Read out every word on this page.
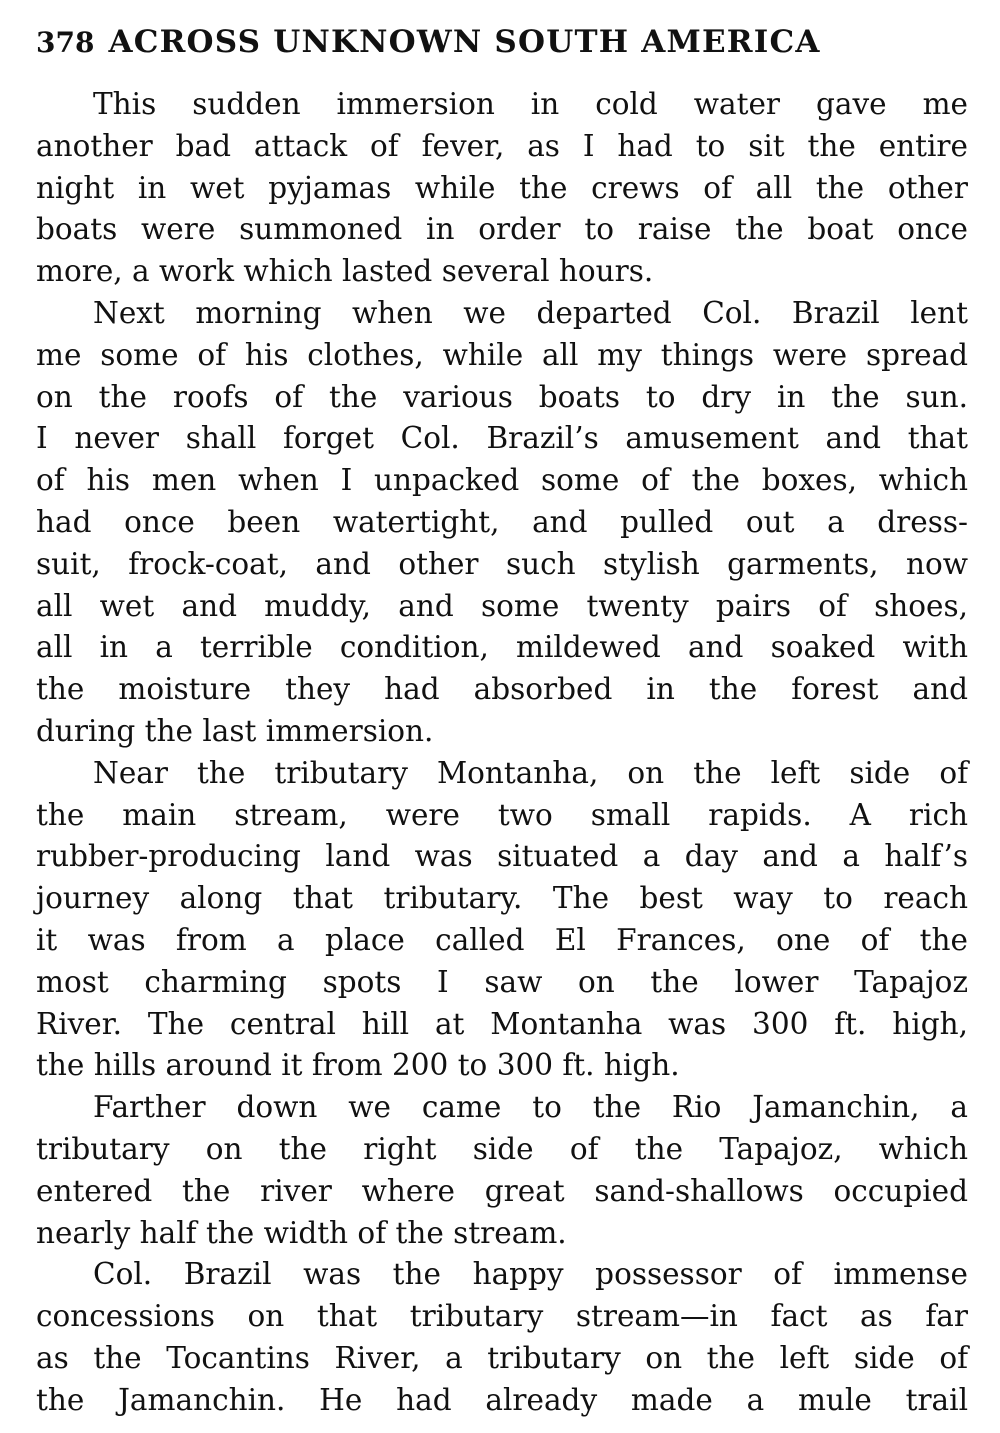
378 ACROSS UNKNOWN SOUTH AMERICA
This sudden immersion in cold water gave me
another bad attack of fever, as I had to sit the entire
night in wet pyjamas while the crews of all the other
boats were summoned in order to raise the boat once
more, a work which lasted several hours.
Next morning when we departed Col. Brazil lent
me some of his clothes, while all my things were spread
on the roofs of the various boats to dry in the sun.
I never shall forget Col. Brazil’s amusement and that
of his men when I unpacked some of the boxes, which
had once been watertight, and pulled out a dress-
suit, frock-coat, and other such stylish garments, now
all wet and muddy, and some twenty pairs of shoes,
all in a terrible condition, mildewed and soaked with
the moisture they had absorbed in the forest and
during the last immersion.
Near the tributary Montanha, on the left side of
the main stream, were two small rapids. A rich
rubber-producing land was situated a day and a half’s
journey along that tributary. The best way to reach
it was from a place called El Frances, one of the
most charming spots I saw on the lower Tapajoz
River. The central hill at Montanha was 300 ft. high,
the hills around it from 200 to 300 ft. high.
Farther down we came to the Rio Jamanchin, a
tributary on the right side of the Tapajoz, which
entered the river where great sand-shallows occupied
nearly half the width of the stream.
Col. Brazil was the happy possessor of immense
concessions on that tributary stream—in fact as far
as the Tocantins River, a tributary on the left side of
the Jamanchin. He had already made a mule trail
